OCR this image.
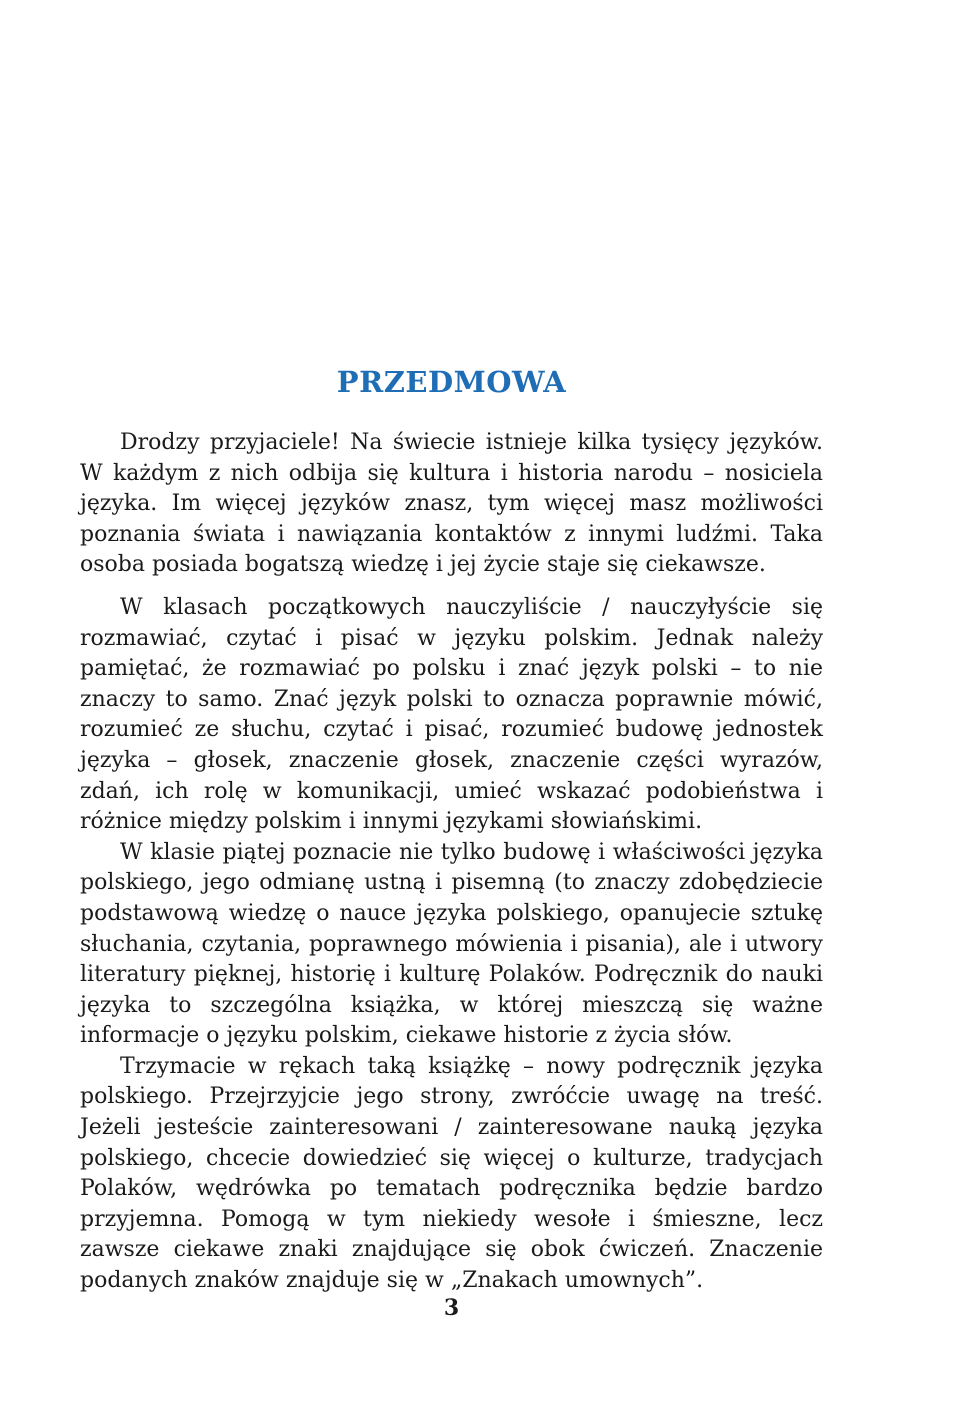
PRZEDMOWA

Drodzy przyjaciele! Na świecie istnieje kilka tysięcy języków. W każdym z nich odbija się kultura i historia narodu – nosiciela języka. Im więcej języków znasz, tym więcej masz możliwości poznania świata i nawiązania kontaktów z innymi ludźmi. Taka osoba posiada bogatszą wiedzę i jej życie staje się ciekawsze.

W klasach początkowych nauczyliście / nauczyłyście się rozmawiać, czytać i pisać w języku polskim. Jednak należy pamiętać, że rozmawiać po polsku i znać język polski – to nie znaczy to samo. Znać język polski to oznacza poprawnie mówić, rozumieć ze słuchu, czytać i pisać, rozumieć budowę jednostek języka – głosek, znaczenie głosek, znaczenie części wyrazów, zdań, ich rolę w komunikacji, umieć wskazać podobieństwa i różnice między polskim i innymi językami słowiańskimi.

W klasie piątej poznacie nie tylko budowę i właściwości języka polskiego, jego odmianę ustną i pisemną (to znaczy zdobędziecie podstawową wiedzę o nauce języka polskiego, opanujecie sztukę słuchania, czytania, poprawnego mówienia i pisania), ale i utwory literatury pięknej, historię i kulturę Polaków. Podręcznik do nauki języka to szczególna książka, w której mieszczą się ważne informacje o języku polskim, ciekawe historie z życia słów.

Trzymacie w rękach taką książkę – nowy podręcznik języka polskiego. Przejrzyjcie jego strony, zwróćcie uwagę na treść. Jeżeli jesteście zainteresowani / zainteresowane nauką języka polskiego, chcecie dowiedzieć się więcej o kulturze, tradycjach Polaków, wędrówka po tematach podręcznika będzie bardzo przyjemna. Pomogą w tym niekiedy wesołe i śmieszne, lecz zawsze ciekawe znaki znajdujące się obok ćwiczeń. Znaczenie podanych znaków znajduje się w „Znakach umownych”.

3
